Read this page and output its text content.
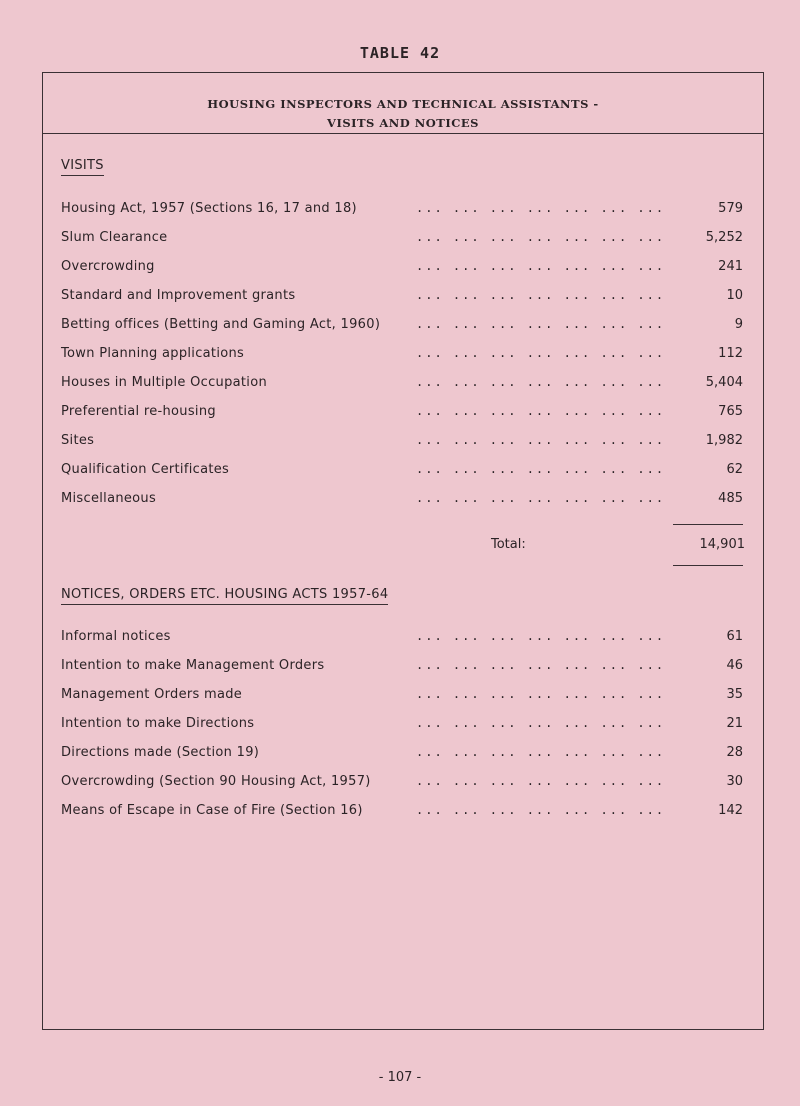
TABLE 42
HOUSING INSPECTORS AND TECHNICAL ASSISTANTS -
VISITS AND NOTICES
VISITS
Housing Act, 1957 (Sections 16, 17 and 18)	... ... ... ... ... ... ...	579
Slum Clearance	... ... ... ... ... ... ...	5,252
Overcrowding	... ... ... ... ... ... ...	241
Standard and Improvement grants	... ... ... ... ... ... ...	10
Betting offices (Betting and Gaming Act, 1960)	... ... ... ... ... ... ...	9
Town Planning applications	... ... ... ... ... ... ...	112
Houses in Multiple Occupation	... ... ... ... ... ... ...	5,404
Preferential re-housing	... ... ... ... ... ... ...	765
Sites	... ... ... ... ... ... ...	1,982
Qualification Certificates	... ... ... ... ... ... ...	62
Miscellaneous	... ... ... ... ... ... ...	485
Total:	14,901
NOTICES, ORDERS ETC. HOUSING ACTS 1957-64
Informal notices	... ... ... ... ... ... ...	61
Intention to make Management Orders	... ... ... ... ... ... ...	46
Management Orders made	... ... ... ... ... ... ...	35
Intention to make Directions	... ... ... ... ... ... ...	21
Directions made (Section 19)	... ... ... ... ... ... ...	28
Overcrowding (Section 90 Housing Act, 1957)	... ... ... ... ... ... ...	30
Means of Escape in Case of Fire (Section 16)	... ... ... ... ... ... ...	142
- 107 -
